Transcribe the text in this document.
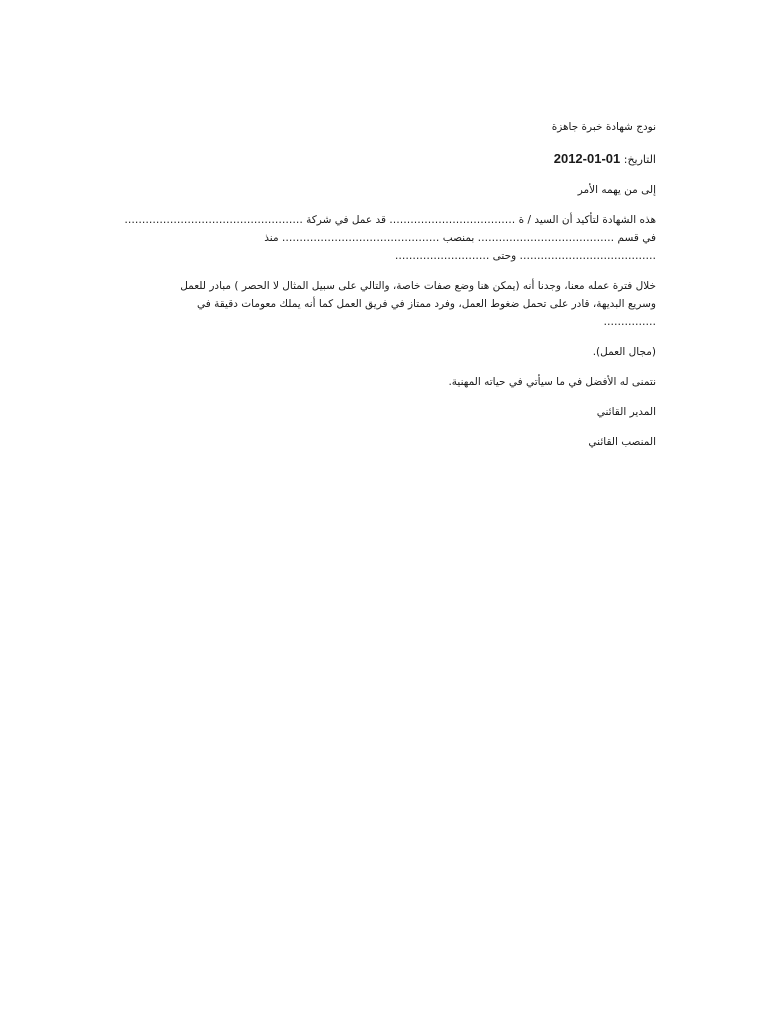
نودج شهادة خبرة جاهزة

التاريخ: 2012-01-01

إلى من يهمه الأمر

هذه الشهادة لتأكيد أن السيد / ة ……………………………… قد عمل في شركة ……………………………………………

في قسم ………………………………… بمنصب ……………………………………… منذ

………………………………… وحتى ………………………

خلال فترة عمله معنا، وجدنا أنه (يمكن هنا وضع صفات خاصة، والتالي على سبيل المثال لا الحصر ) مبادر للعمل

وسريع البديهة، قادر على تحمل ضغوط العمل، وفرد ممتاز في فريق العمل كما أنه يملك معومات دقيقة في

……………

(مجال العمل).

نتمنى له الأفضل في ما سيأتي في حياته المهنية.

المدير القائني

المنصب القائني
